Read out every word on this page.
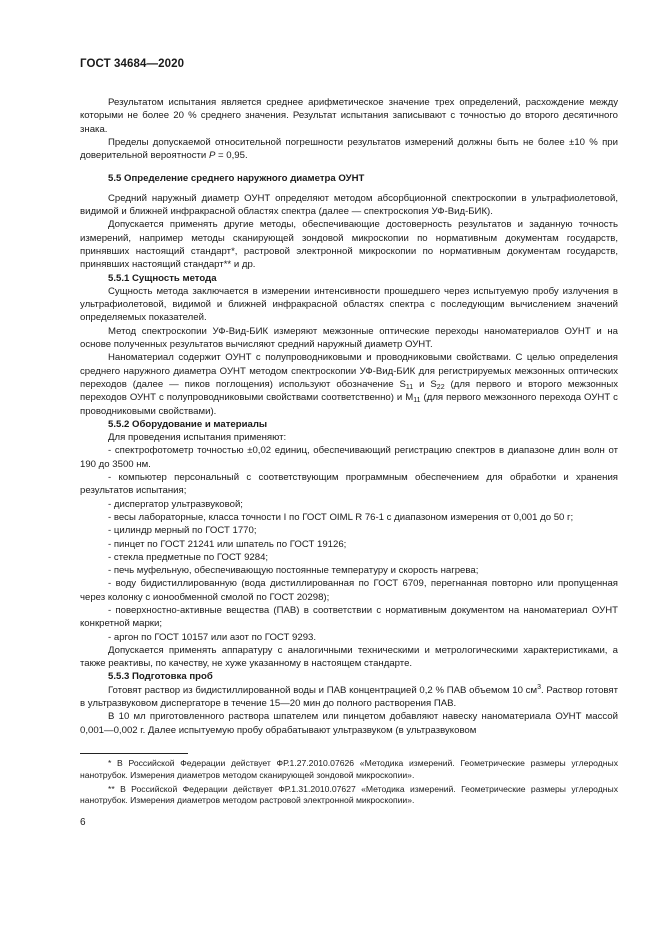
ГОСТ 34684—2020

Результатом испытания является среднее арифметическое значение трех определений, расхождение между которыми не более 20 % среднего значения. Результат испытания записывают с точностью до второго десятичного знака.

Пределы допускаемой относительной погрешности результатов измерений должны быть не более ±10 % при доверительной вероятности P = 0,95.

5.5 Определение среднего наружного диаметра ОУНТ

Средний наружный диаметр ОУНТ определяют методом абсорбционной спектроскопии в ультрафиолетовой, видимой и ближней инфракрасной областях спектра (далее — спектроскопия УФ-Вид-БИК).

Допускается применять другие методы, обеспечивающие достоверность результатов и заданную точность измерений, например методы сканирующей зондовой микроскопии по нормативным документам государств, принявших настоящий стандарт*, растровой электронной микроскопии по нормативным документам государств, принявших настоящий стандарт** и др.

5.5.1 Сущность метода

Сущность метода заключается в измерении интенсивности прошедшего через испытуемую пробу излучения в ультрафиолетовой, видимой и ближней инфракрасной областях спектра с последующим вычислением значений определяемых показателей.

Метод спектроскопии УФ-Вид-БИК измеряют межзонные оптические переходы наноматериалов ОУНТ и на основе полученных результатов вычисляют средний наружный диаметр ОУНТ.

Наноматериал содержит ОУНТ с полупроводниковыми и проводниковыми свойствами. С целью определения среднего наружного диаметра ОУНТ методом спектроскопии УФ-Вид-БИК для регистрируемых межзонных оптических переходов (далее — пиков поглощения) используют обозначение $S_{11}$ и $S_{22}$ (для первого и второго межзонных переходов ОУНТ с полупроводниковыми свойствами соответственно) и $M_{11}$ (для первого межзонного перехода ОУНТ с проводниковыми свойствами).

5.5.2 Оборудование и материалы

Для проведения испытания применяют:

- спектрофотометр точностью ±0,02 единиц, обеспечивающий регистрацию спектров в диапазоне длин волн от 190 до 3500 нм.

- компьютер персональный с соответствующим программным обеспечением для обработки и хранения результатов испытания;

- диспергатор ультразвуковой;

- весы лабораторные, класса точности I по ГОСТ OIML R 76-1 с диапазоном измерения от 0,001 до 50 г;

- цилиндр мерный по ГОСТ 1770;

- пинцет по ГОСТ 21241 или шпатель по ГОСТ 19126;

- стекла предметные по ГОСТ 9284;

- печь муфельную, обеспечивающую постоянные температуру и скорость нагрева;

- воду бидистиллированную (вода дистиллированная по ГОСТ 6709, перегнанная повторно или пропущенная через колонку с ионообменной смолой по ГОСТ 20298);

- поверхностно-активные вещества (ПАВ) в соответствии с нормативным документом на наноматериал ОУНТ конкретной марки;

- аргон по ГОСТ 10157 или азот по ГОСТ 9293.

Допускается применять аппаратуру с аналогичными техническими и метрологическими характеристиками, а также реактивы, по качеству, не хуже указанному в настоящем стандарте.

5.5.3 Подготовка проб

Готовят раствор из бидистиллированной воды и ПАВ концентрацией 0,2 % ПАВ объемом 10 $см^3$. Раствор готовят в ультразвуковом диспергаторе в течение 15—20 мин до полного растворения ПАВ.

В 10 мл приготовленного раствора шпателем или пинцетом добавляют навеску наноматериала ОУНТ массой 0,001—0,002 г. Далее испытуемую пробу обрабатывают ультразвуком (в ультразвуковом

* В Российской Федерации действует ФР.1.27.2010.07626 «Методика измерений. Геометрические размеры углеродных нанотрубок. Измерения диаметров методом сканирующей зондовой микроскопии».

** В Российской Федерации действует ФР.1.31.2010.07627 «Методика измерений. Геометрические размеры углеродных нанотрубок. Измерения диаметров методом растровой электронной микроскопии».

6
